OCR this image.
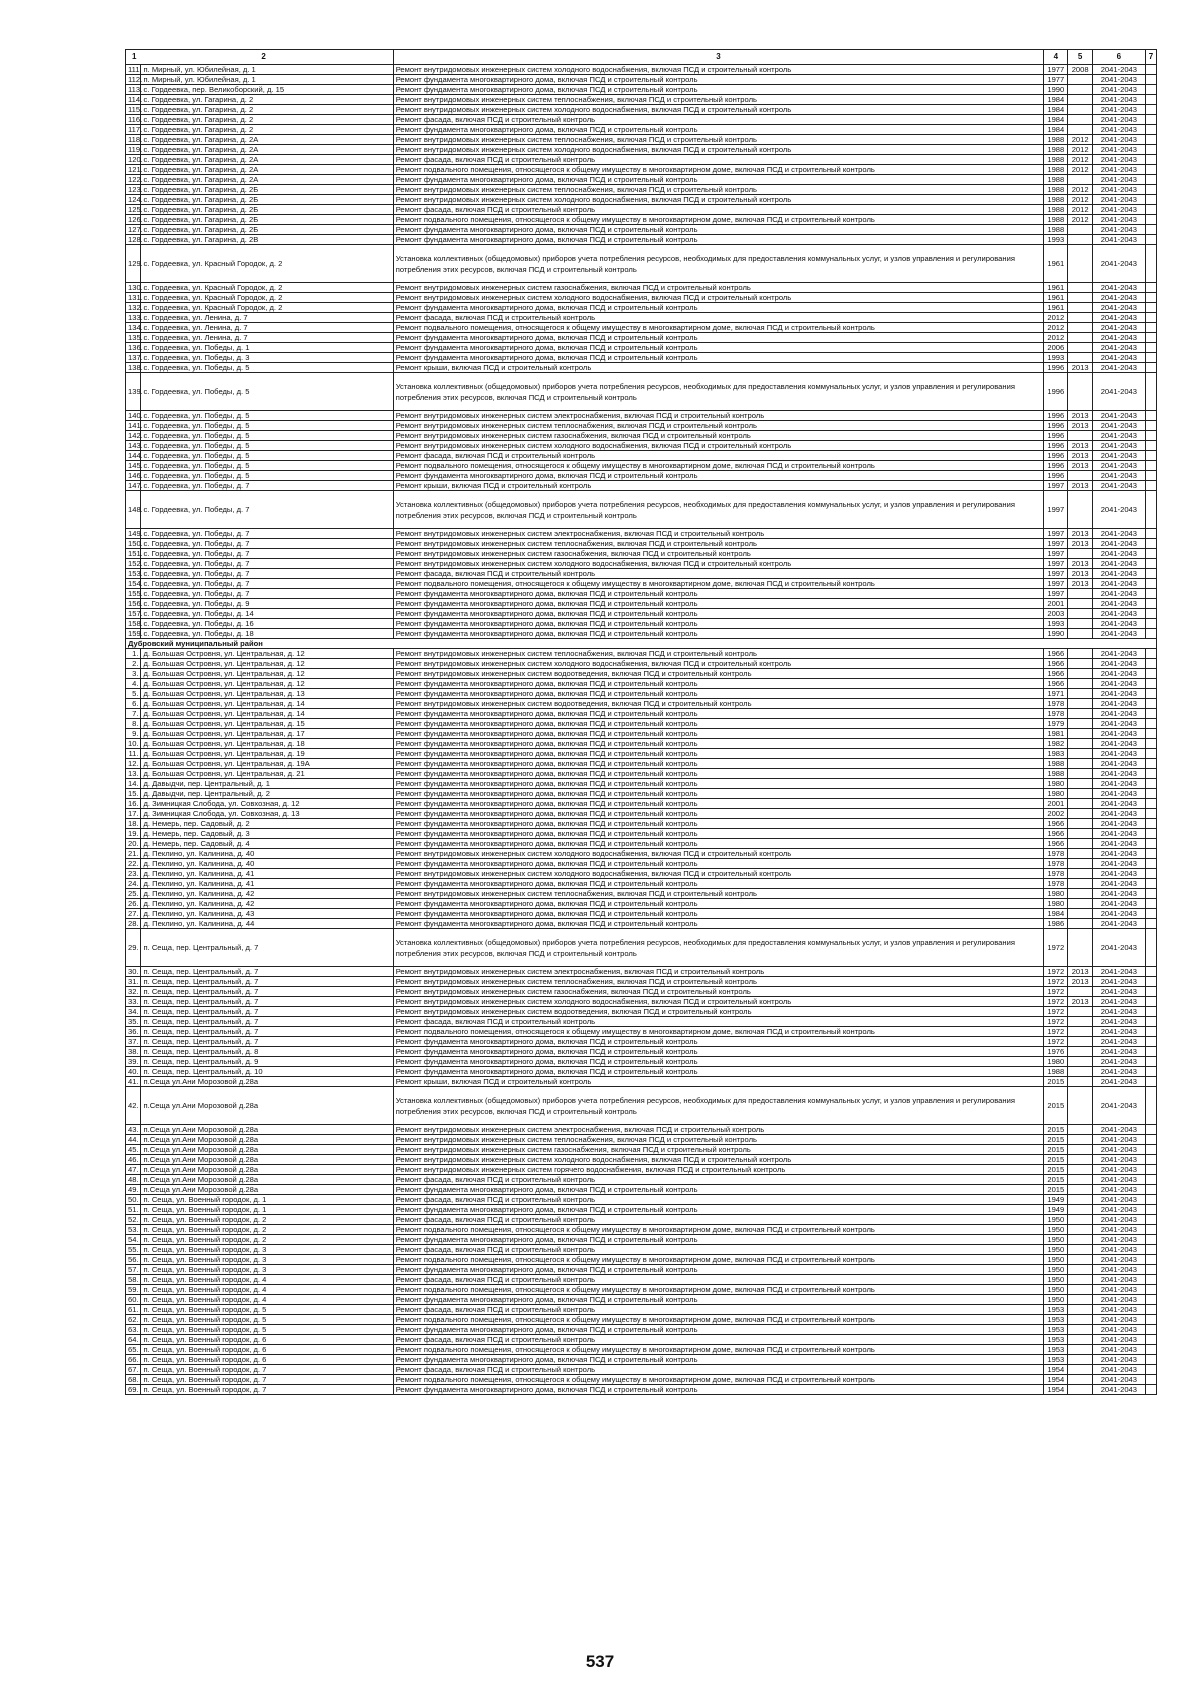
1 2		3	4	5	6	7
111.	п. Мирный, ул. Юбилейная, д. 1	Ремонт внутридомовых инженерных систем холодного водоснабжения, включая ПСД и строительный контроль	1977	2008	2041-2043	
112.	п. Мирный, ул. Юбилейная, д. 1	Ремонт фундамента многоквартирного дома, включая ПСД и строительный контроль	1977		2041-2043	
113.	с. Гордеевка, пер. Великоборский, д. 15	Ремонт фундамента многоквартирного дома, включая ПСД и строительный контроль	1990		2041-2043	
114.	с. Гордеевка, ул. Гагарина, д. 2	Ремонт внутридомовых инженерных систем теплоснабжения, включая ПСД и строительный контроль	1984		2041-2043	
115.	с. Гордеевка, ул. Гагарина, д. 2	Ремонт внутридомовых инженерных систем холодного водоснабжения, включая ПСД и строительный контроль	1984		2041-2043	
116.	с. Гордеевка, ул. Гагарина, д. 2	Ремонт фасада, включая ПСД и строительный контроль	1984		2041-2043	
117.	с. Гордеевка, ул. Гагарина, д. 2	Ремонт фундамента многоквартирного дома, включая ПСД и строительный контроль	1984		2041-2043	
118.	с. Гордеевка, ул. Гагарина, д. 2А	Ремонт внутридомовых инженерных систем теплоснабжения, включая ПСД и строительный контроль	1988	2012	2041-2043	
119.	с. Гордеевка, ул. Гагарина, д. 2А	Ремонт внутридомовых инженерных систем холодного водоснабжения, включая ПСД и строительный контроль	1988	2012	2041-2043	
120.	с. Гордеевка, ул. Гагарина, д. 2А	Ремонт фасада, включая ПСД и строительный контроль	1988	2012	2041-2043	
121.	с. Гордеевка, ул. Гагарина, д. 2А	Ремонт подвального помещения, относящегося к общему имуществу в многоквартирном доме, включая ПСД и строительный контроль	1988	2012	2041-2043	
122.	с. Гордеевка, ул. Гагарина, д. 2А	Ремонт фундамента многоквартирного дома, включая ПСД и строительный контроль	1988		2041-2043	
123.	с. Гордеевка, ул. Гагарина, д. 2Б	Ремонт внутридомовых инженерных систем теплоснабжения, включая ПСД и строительный контроль	1988	2012	2041-2043	
124.	с. Гордеевка, ул. Гагарина, д. 2Б	Ремонт внутридомовых инженерных систем холодного водоснабжения, включая ПСД и строительный контроль	1988	2012	2041-2043	
125.	с. Гордеевка, ул. Гагарина, д. 2Б	Ремонт фасада, включая ПСД и строительный контроль	1988	2012	2041-2043	
126.	с. Гордеевка, ул. Гагарина, д. 2Б	Ремонт подвального помещения, относящегося к общему имуществу в многоквартирном доме, включая ПСД и строительный контроль	1988	2012	2041-2043	
127.	с. Гордеевка, ул. Гагарина, д. 2Б	Ремонт фундамента многоквартирного дома, включая ПСД и строительный контроль	1988		2041-2043	
128.	с. Гордеевка, ул. Гагарина, д. 2В	Ремонт фундамента многоквартирного дома, включая ПСД и строительный контроль	1993		2041-2043	
129.	с. Гордеевка, ул. Красный Городок, д. 2	Установка коллективных (общедомовых) приборов учета потребления ресурсов, необходимых для предоставления коммунальных услуг, и узлов управления и регулирования потребления этих ресурсов, включая ПСД и строительный контроль	1961		2041-2043	
130.	с. Гордеевка, ул. Красный Городок, д. 2	Ремонт внутридомовых инженерных систем газоснабжения, включая ПСД и строительный контроль	1961		2041-2043	
131.	с. Гордеевка, ул. Красный Городок, д. 2	Ремонт внутридомовых инженерных систем холодного водоснабжения, включая ПСД и строительный контроль	1961		2041-2043	
132.	с. Гордеевка, ул. Красный Городок, д. 2	Ремонт фундамента многоквартирного дома, включая ПСД и строительный контроль	1961		2041-2043	
133.	с. Гордеевка, ул. Ленина, д. 7	Ремонт фасада, включая ПСД и строительный контроль	2012		2041-2043	
134.	с. Гордеевка, ул. Ленина, д. 7	Ремонт подвального помещения, относящегося к общему имуществу в многоквартирном доме, включая ПСД и строительный контроль	2012		2041-2043	
135.	с. Гордеевка, ул. Ленина, д. 7	Ремонт фундамента многоквартирного дома, включая ПСД и строительный контроль	2012		2041-2043	
136.	с. Гордеевка, ул. Победы, д. 1	Ремонт фундамента многоквартирного дома, включая ПСД и строительный контроль	2006		2041-2043	
137.	с. Гордеевка, ул. Победы, д. 3	Ремонт фундамента многоквартирного дома, включая ПСД и строительный контроль	1993		2041-2043	
138.	с. Гордеевка, ул. Победы, д. 5	Ремонт крыши, включая ПСД и строительный контроль	1996	2013	2041-2043	
139.	с. Гордеевка, ул. Победы, д. 5	Установка коллективных (общедомовых) приборов учета потребления ресурсов, необходимых для предоставления коммунальных услуг, и узлов управления и регулирования потребления этих ресурсов, включая ПСД и строительный контроль	1996		2041-2043	
140.	с. Гордеевка, ул. Победы, д. 5	Ремонт внутридомовых инженерных систем электроснабжения, включая ПСД и строительный контроль	1996	2013	2041-2043	
141.	с. Гордеевка, ул. Победы, д. 5	Ремонт внутридомовых инженерных систем теплоснабжения, включая ПСД и строительный контроль	1996	2013	2041-2043	
142.	с. Гордеевка, ул. Победы, д. 5	Ремонт внутридомовых инженерных систем газоснабжения, включая ПСД и строительный контроль	1996		2041-2043	
143.	с. Гордеевка, ул. Победы, д. 5	Ремонт внутридомовых инженерных систем холодного водоснабжения, включая ПСД и строительный контроль	1996	2013	2041-2043	
144.	с. Гордеевка, ул. Победы, д. 5	Ремонт фасада, включая ПСД и строительный контроль	1996	2013	2041-2043	
145.	с. Гордеевка, ул. Победы, д. 5	Ремонт подвального помещения, относящегося к общему имуществу в многоквартирном доме, включая ПСД и строительный контроль	1996	2013	2041-2043	
146.	с. Гордеевка, ул. Победы, д. 5	Ремонт фундамента многоквартирного дома, включая ПСД и строительный контроль	1996		2041-2043	
147.	с. Гордеевка, ул. Победы, д. 7	Ремонт крыши, включая ПСД и строительный контроль	1997	2013	2041-2043	
148.	с. Гордеевка, ул. Победы, д. 7	Установка коллективных (общедомовых) приборов учета потребления ресурсов, необходимых для предоставления коммунальных услуг, и узлов управления и регулирования потребления этих ресурсов, включая ПСД и строительный контроль	1997		2041-2043	
149.	с. Гордеевка, ул. Победы, д. 7	Ремонт внутридомовых инженерных систем электроснабжения, включая ПСД и строительный контроль	1997	2013	2041-2043	
150.	с. Гордеевка, ул. Победы, д. 7	Ремонт внутридомовых инженерных систем теплоснабжения, включая ПСД и строительный контроль	1997	2013	2041-2043	
151.	с. Гордеевка, ул. Победы, д. 7	Ремонт внутридомовых инженерных систем газоснабжения, включая ПСД и строительный контроль	1997		2041-2043	
152.	с. Гордеевка, ул. Победы, д. 7	Ремонт внутридомовых инженерных систем холодного водоснабжения, включая ПСД и строительный контроль	1997	2013	2041-2043	
153.	с. Гордеевка, ул. Победы, д. 7	Ремонт фасада, включая ПСД и строительный контроль	1997	2013	2041-2043	
154.	с. Гордеевка, ул. Победы, д. 7	Ремонт подвального помещения, относящегося к общему имуществу в многоквартирном доме, включая ПСД и строительный контроль	1997	2013	2041-2043	
155.	с. Гордеевка, ул. Победы, д. 7	Ремонт фундамента многоквартирного дома, включая ПСД и строительный контроль	1997		2041-2043	
156.	с. Гордеевка, ул. Победы, д. 9	Ремонт фундамента многоквартирного дома, включая ПСД и строительный контроль	2001		2041-2043	
157.	с. Гордеевка, ул. Победы, д. 14	Ремонт фундамента многоквартирного дома, включая ПСД и строительный контроль	2003		2041-2043	
158.	с. Гордеевка, ул. Победы, д. 16	Ремонт фундамента многоквартирного дома, включая ПСД и строительный контроль	1993		2041-2043	
159.	с. Гордеевка, ул. Победы, д. 18	Ремонт фундамента многоквартирного дома, включая ПСД и строительный контроль	1990		2041-2043	
Дубровский муниципальный район						
1.	д. Большая Островня, ул. Центральная, д. 12	Ремонт внутридомовых инженерных систем теплоснабжения, включая ПСД и строительный контроль	1966		2041-2043	
2.	д. Большая Островня, ул. Центральная, д. 12	Ремонт внутридомовых инженерных систем холодного водоснабжения, включая ПСД и строительный контроль	1966		2041-2043	
3.	д. Большая Островня, ул. Центральная, д. 12	Ремонт внутридомовых инженерных систем водоотведения, включая ПСД и строительный контроль	1966		2041-2043	
4.	д. Большая Островня, ул. Центральная, д. 12	Ремонт фундамента многоквартирного дома, включая ПСД и строительный контроль	1966		2041-2043	
5.	д. Большая Островня, ул. Центральная, д. 13	Ремонт фундамента многоквартирного дома, включая ПСД и строительный контроль	1971		2041-2043	
6.	д. Большая Островня, ул. Центральная, д. 14	Ремонт внутридомовых инженерных систем водоотведения, включая ПСД и строительный контроль	1978		2041-2043	
7.	д. Большая Островня, ул. Центральная, д. 14	Ремонт фундамента многоквартирного дома, включая ПСД и строительный контроль	1978		2041-2043	
8.	д. Большая Островня, ул. Центральная, д. 15	Ремонт фундамента многоквартирного дома, включая ПСД и строительный контроль	1979		2041-2043	
9.	д. Большая Островня, ул. Центральная, д. 17	Ремонт фундамента многоквартирного дома, включая ПСД и строительный контроль	1981		2041-2043	
10.	д. Большая Островня, ул. Центральная, д. 18	Ремонт фундамента многоквартирного дома, включая ПСД и строительный контроль	1982		2041-2043	
11.	д. Большая Островня, ул. Центральная, д. 19	Ремонт фундамента многоквартирного дома, включая ПСД и строительный контроль	1983		2041-2043	
12.	д. Большая Островня, ул. Центральная, д. 19А	Ремонт фундамента многоквартирного дома, включая ПСД и строительный контроль	1988		2041-2043	
13.	д. Большая Островня, ул. Центральная, д. 21	Ремонт фундамента многоквартирного дома, включая ПСД и строительный контроль	1988		2041-2043	
14.	д. Давыдчи, пер. Центральный, д. 1	Ремонт фундамента многоквартирного дома, включая ПСД и строительный контроль	1980		2041-2043	
15.	д. Давыдчи, пер. Центральный, д. 2	Ремонт фундамента многоквартирного дома, включая ПСД и строительный контроль	1980		2041-2043	
16.	д. Зимницкая Слобода, ул. Совхозная, д. 12	Ремонт фундамента многоквартирного дома, включая ПСД и строительный контроль	2001		2041-2043	
17.	д. Зимницкая Слобода, ул. Совхозная, д. 13	Ремонт фундамента многоквартирного дома, включая ПСД и строительный контроль	2002		2041-2043	
18.	д. Немерь, пер. Садовый, д. 2	Ремонт фундамента многоквартирного дома, включая ПСД и строительный контроль	1966		2041-2043	
19.	д. Немерь, пер. Садовый, д. 3	Ремонт фундамента многоквартирного дома, включая ПСД и строительный контроль	1966		2041-2043	
20.	д. Немерь, пер. Садовый, д. 4	Ремонт фундамента многоквартирного дома, включая ПСД и строительный контроль	1966		2041-2043	
21.	д. Пеклино, ул. Калинина, д. 40	Ремонт внутридомовых инженерных систем холодного водоснабжения, включая ПСД и строительный контроль	1978		2041-2043	
22.	д. Пеклино, ул. Калинина, д. 40	Ремонт фундамента многоквартирного дома, включая ПСД и строительный контроль	1978		2041-2043	
23.	д. Пеклино, ул. Калинина, д. 41	Ремонт внутридомовых инженерных систем холодного водоснабжения, включая ПСД и строительный контроль	1978		2041-2043	
24.	д. Пеклино, ул. Калинина, д. 41	Ремонт фундамента многоквартирного дома, включая ПСД и строительный контроль	1978		2041-2043	
25.	д. Пеклино, ул. Калинина, д. 42	Ремонт внутридомовых инженерных систем теплоснабжения, включая ПСД и строительный контроль	1980		2041-2043	
26.	д. Пеклино, ул. Калинина, д. 42	Ремонт фундамента многоквартирного дома, включая ПСД и строительный контроль	1980		2041-2043	
27.	д. Пеклино, ул. Калинина, д. 43	Ремонт фундамента многоквартирного дома, включая ПСД и строительный контроль	1984		2041-2043	
28.	д. Пеклино, ул. Калинина, д. 44	Ремонт фундамента многоквартирного дома, включая ПСД и строительный контроль	1986		2041-2043	
29.	п. Сеща, пер. Центральный, д. 7	Установка коллективных (общедомовых) приборов учета потребления ресурсов, необходимых для предоставления коммунальных услуг, и узлов управления и регулирования потребления этих ресурсов, включая ПСД и строительный контроль	1972		2041-2043	
30.	п. Сеща, пер. Центральный, д. 7	Ремонт внутридомовых инженерных систем электроснабжения, включая ПСД и строительный контроль	1972	2013	2041-2043	
31.	п. Сеща, пер. Центральный, д. 7	Ремонт внутридомовых инженерных систем теплоснабжения, включая ПСД и строительный контроль	1972	2013	2041-2043	
32.	п. Сеща, пер. Центральный, д. 7	Ремонт внутридомовых инженерных систем газоснабжения, включая ПСД и строительный контроль	1972		2041-2043	
33.	п. Сеща, пер. Центральный, д. 7	Ремонт внутридомовых инженерных систем холодного водоснабжения, включая ПСД и строительный контроль	1972	2013	2041-2043	
34.	п. Сеща, пер. Центральный, д. 7	Ремонт внутридомовых инженерных систем водоотведения, включая ПСД и строительный контроль	1972		2041-2043	
35.	п. Сеща, пер. Центральный, д. 7	Ремонт фасада, включая ПСД и строительный контроль	1972		2041-2043	
36.	п. Сеща, пер. Центральный, д. 7	Ремонт подвального помещения, относящегося к общему имуществу в многоквартирном доме, включая ПСД и строительный контроль	1972		2041-2043	
37.	п. Сеща, пер. Центральный, д. 7	Ремонт фундамента многоквартирного дома, включая ПСД и строительный контроль	1972		2041-2043	
38.	п. Сеща, пер. Центральный, д. 8	Ремонт фундамента многоквартирного дома, включая ПСД и строительный контроль	1976		2041-2043	
39.	п. Сеща, пер. Центральный, д. 9	Ремонт фундамента многоквартирного дома, включая ПСД и строительный контроль	1980		2041-2043	
40.	п. Сеща, пер. Центральный, д. 10	Ремонт фундамента многоквартирного дома, включая ПСД и строительный контроль	1988		2041-2043	
41.	п.Сеща ул.Ани Морозовой д.28а	Ремонт крыши, включая ПСД и строительный контроль	2015		2041-2043	
42.	п.Сеща ул.Ани Морозовой д.28а	Установка коллективных (общедомовых) приборов учета потребления ресурсов, необходимых для предоставления коммунальных услуг, и узлов управления и регулирования потребления этих ресурсов, включая ПСД и строительный контроль	2015		2041-2043	
43.	п.Сеща ул.Ани Морозовой д.28а	Ремонт внутридомовых инженерных систем электроснабжения, включая ПСД и строительный контроль	2015		2041-2043	
44.	п.Сеща ул.Ани Морозовой д.28а	Ремонт внутридомовых инженерных систем теплоснабжения, включая ПСД и строительный контроль	2015		2041-2043	
45.	п.Сеща ул.Ани Морозовой д.28а	Ремонт внутридомовых инженерных систем газоснабжения, включая ПСД и строительный контроль	2015		2041-2043	
46.	п.Сеща ул.Ани Морозовой д.28а	Ремонт внутридомовых инженерных систем холодного водоснабжения, включая ПСД и строительный контроль	2015		2041-2043	
47.	п.Сеща ул.Ани Морозовой д.28а	Ремонт внутридомовых инженерных систем горячего водоснабжения, включая ПСД и строительный контроль	2015		2041-2043	
48.	п.Сеща ул.Ани Морозовой д.28а	Ремонт фасада, включая ПСД и строительный контроль	2015		2041-2043	
49.	п.Сеща ул.Ани Морозовой д.28а	Ремонт фундамента многоквартирного дома, включая ПСД и строительный контроль	2015		2041-2043	
50.	п. Сеща, ул. Военный городок, д. 1	Ремонт фасада, включая ПСД и строительный контроль	1949		2041-2043	
51.	п. Сеща, ул. Военный городок, д. 1	Ремонт фундамента многоквартирного дома, включая ПСД и строительный контроль	1949		2041-2043	
52.	п. Сеща, ул. Военный городок, д. 2	Ремонт фасада, включая ПСД и строительный контроль	1950		2041-2043	
53.	п. Сеща, ул. Военный городок, д. 2	Ремонт подвального помещения, относящегося к общему имуществу в многоквартирном доме, включая ПСД и строительный контроль	1950		2041-2043	
54.	п. Сеща, ул. Военный городок, д. 2	Ремонт фундамента многоквартирного дома, включая ПСД и строительный контроль	1950		2041-2043	
55.	п. Сеща, ул. Военный городок, д. 3	Ремонт фасада, включая ПСД и строительный контроль	1950		2041-2043	
56.	п. Сеща, ул. Военный городок, д. 3	Ремонт подвального помещения, относящегося к общему имуществу в многоквартирном доме, включая ПСД и строительный контроль	1950		2041-2043	
57.	п. Сеща, ул. Военный городок, д. 3	Ремонт фундамента многоквартирного дома, включая ПСД и строительный контроль	1950		2041-2043	
58.	п. Сеща, ул. Военный городок, д. 4	Ремонт фасада, включая ПСД и строительный контроль	1950		2041-2043	
59.	п. Сеща, ул. Военный городок, д. 4	Ремонт подвального помещения, относящегося к общему имуществу в многоквартирном доме, включая ПСД и строительный контроль	1950		2041-2043	
60.	п. Сеща, ул. Военный городок, д. 4	Ремонт фундамента многоквартирного дома, включая ПСД и строительный контроль	1950		2041-2043	
61.	п. Сеща, ул. Военный городок, д. 5	Ремонт фасада, включая ПСД и строительный контроль	1953		2041-2043	
62.	п. Сеща, ул. Военный городок, д. 5	Ремонт подвального помещения, относящегося к общему имуществу в многоквартирном доме, включая ПСД и строительный контроль	1953		2041-2043	
63.	п. Сеща, ул. Военный городок, д. 5	Ремонт фундамента многоквартирного дома, включая ПСД и строительный контроль	1953		2041-2043	
64.	п. Сеща, ул. Военный городок, д. 6	Ремонт фасада, включая ПСД и строительный контроль	1953		2041-2043	
65.	п. Сеща, ул. Военный городок, д. 6	Ремонт подвального помещения, относящегося к общему имуществу в многоквартирном доме, включая ПСД и строительный контроль	1953		2041-2043	
66.	п. Сеща, ул. Военный городок, д. 6	Ремонт фундамента многоквартирного дома, включая ПСД и строительный контроль	1953		2041-2043	
67.	п. Сеща, ул. Военный городок, д. 7	Ремонт фасада, включая ПСД и строительный контроль	1954		2041-2043	
68.	п. Сеща, ул. Военный городок, д. 7	Ремонт подвального помещения, относящегося к общему имуществу в многоквартирном доме, включая ПСД и строительный контроль	1954		2041-2043	
69.	п. Сеща, ул. Военный городок, д. 7	Ремонт фундамента многоквартирного дома, включая ПСД и строительный контроль	1954		2041-2043	
537
